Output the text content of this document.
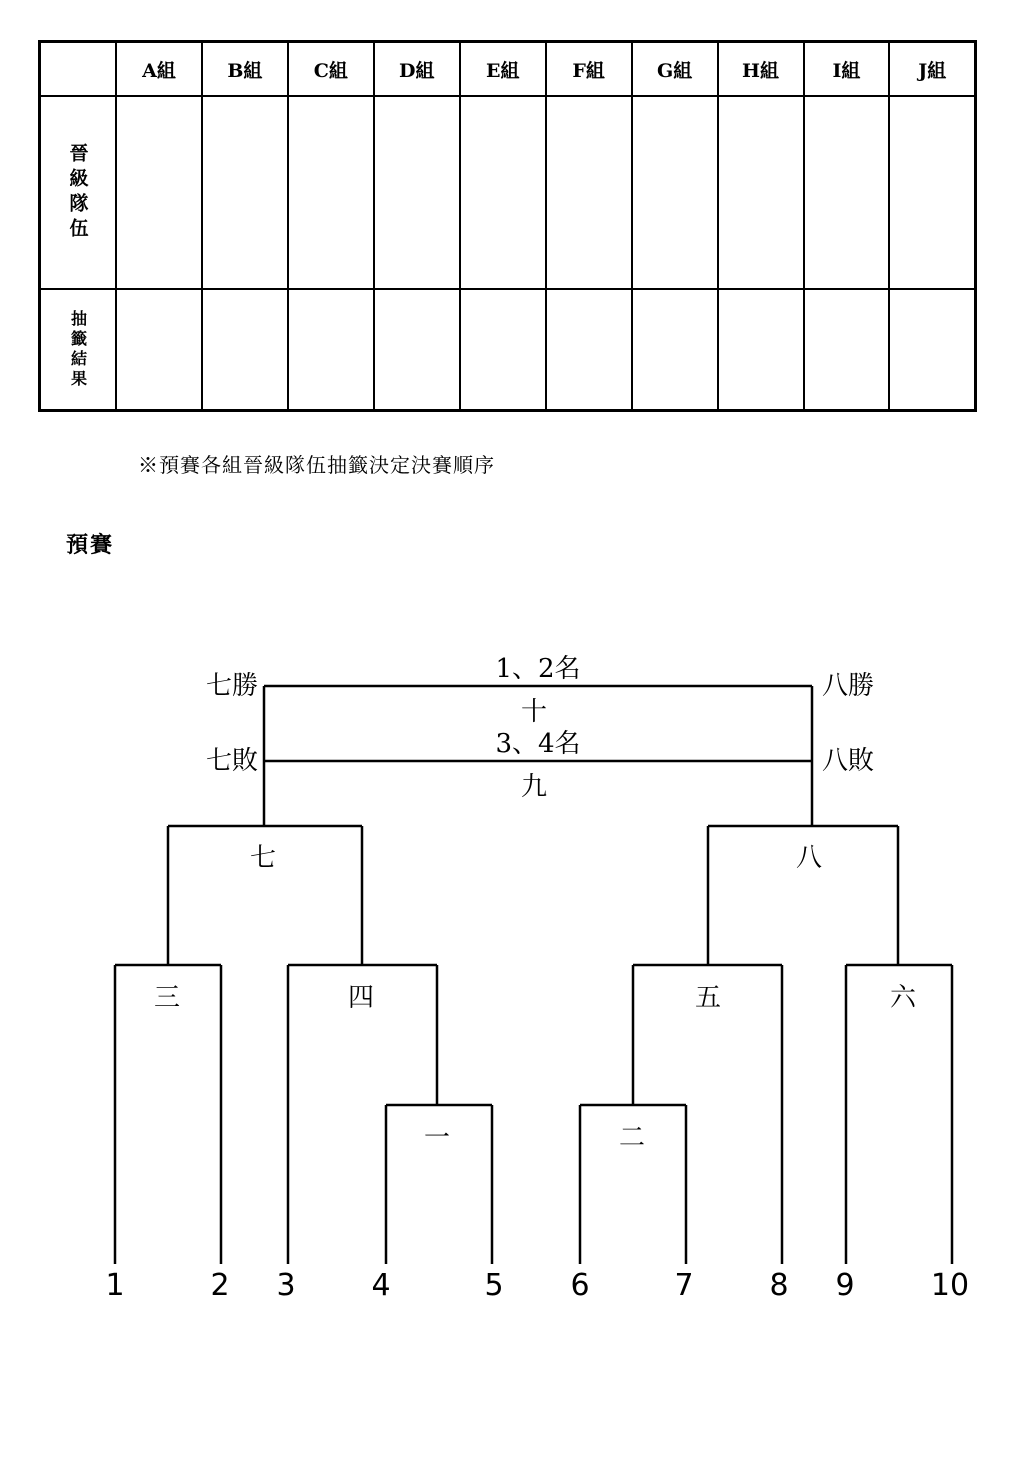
	A組	B組	C組	D組	E組	F組	G組	H組	I組	J組

晉級隊伍										

抽籤結果										

※預賽各組晉級隊伍抽籤決定決賽順序
預賽
1、2名
十
3、4名
九
七勝
七敗
八勝
八敗
七	八
三	四	五	六
一	二
1	2 3	4	5 6	7	8 9	10
